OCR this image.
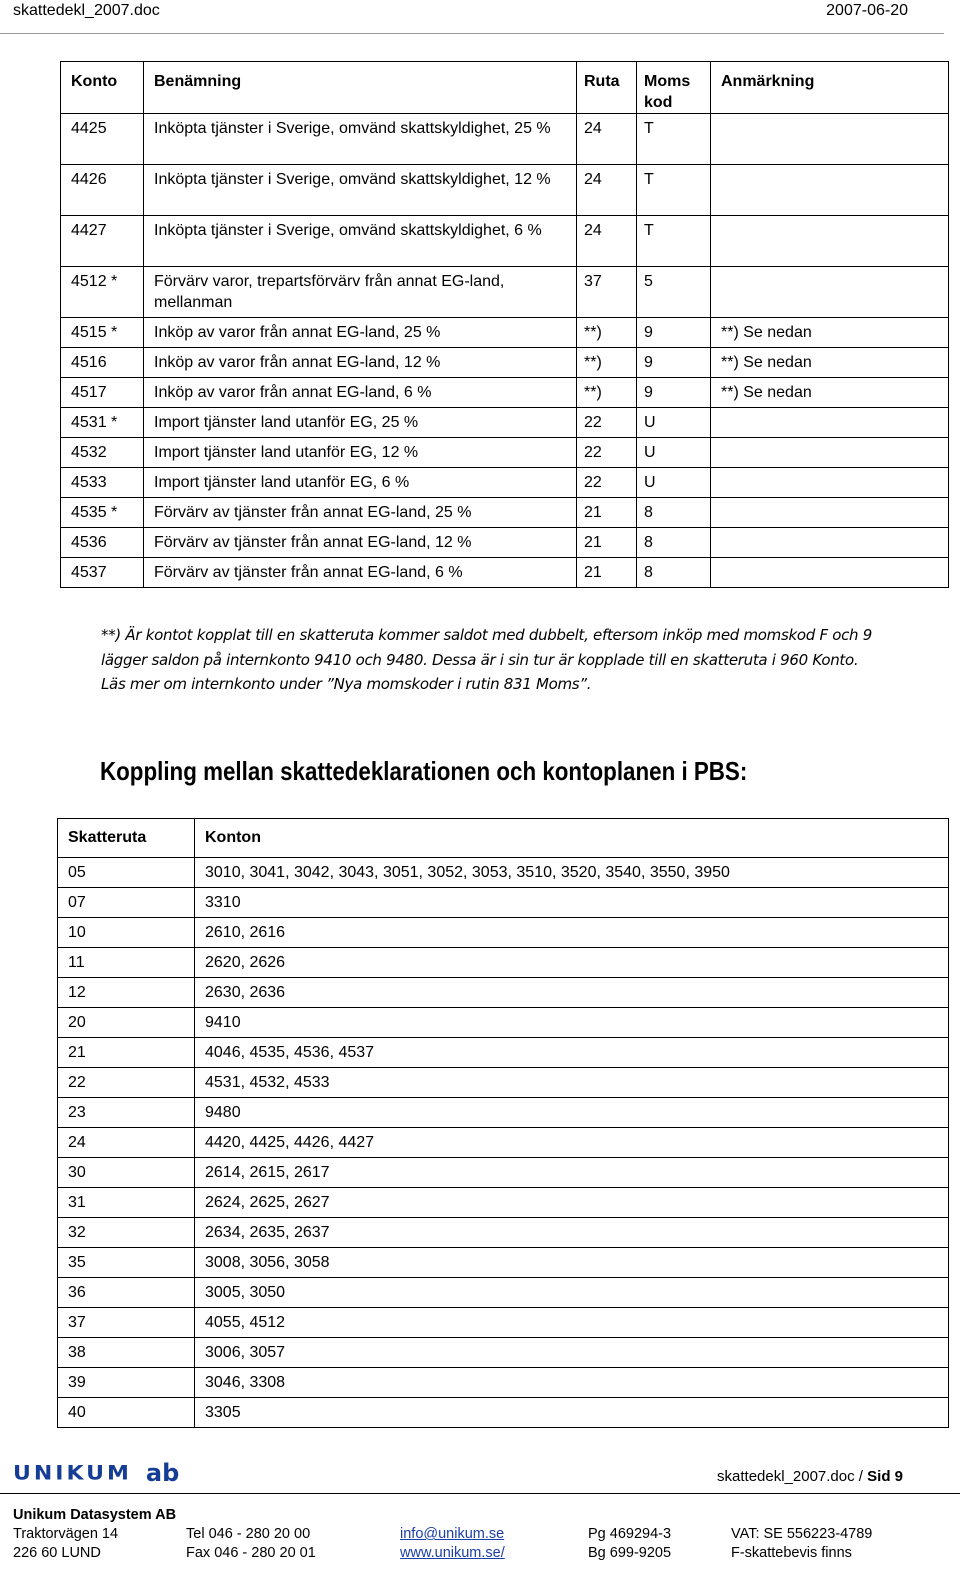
skattedekl_2007.doc	2007-06-20
Konto	Benämning	Ruta	Moms kod	Anmärkning
4425	Inköpta tjänster i Sverige, omvänd skattskyldighet, 25 %	24	T	
4426	Inköpta tjänster i Sverige, omvänd skattskyldighet, 12 %	24	T	
4427	Inköpta tjänster i Sverige, omvänd skattskyldighet, 6 %	24	T	
4512 *	Förvärv varor, trepartsförvärv från annat EG-land, mellanman	37	5	
4515 *	Inköp av varor från annat EG-land, 25 %	**)	9	**) Se nedan
4516	Inköp av varor från annat EG-land, 12 %	**)	9	**) Se nedan
4517	Inköp av varor från annat EG-land, 6 %	**)	9	**) Se nedan
4531 *	Import tjänster land utanför EG, 25 %	22	U	
4532	Import tjänster land utanför EG, 12 %	22	U	
4533	Import tjänster land utanför EG, 6 %	22	U	
4535 *	Förvärv av tjänster från annat EG-land, 25 %	21	8	
4536	Förvärv av tjänster från annat EG-land, 12 %	21	8	
4537	Förvärv av tjänster från annat EG-land, 6 %	21	8	
**) Är kontot kopplat till en skatteruta kommer saldot med dubbelt, eftersom inköp med momskod F och 9
lägger saldon på internkonto 9410 och 9480. Dessa är i sin tur är kopplade till en skatteruta i 960 Konto.
Läs mer om internkonto under ”Nya momskoder i rutin 831 Moms”.
Koppling mellan skattedeklarationen och kontoplanen i PBS:
Skatteruta	Konton
05	3010, 3041, 3042, 3043, 3051, 3052, 3053, 3510, 3520, 3540, 3550, 3950
07	3310
10	2610, 2616
11	2620, 2626
12	2630, 2636
20	9410
21	4046, 4535, 4536, 4537
22	4531, 4532, 4533
23	9480
24	4420, 4425, 4426, 4427
30	2614, 2615, 2617
31	2624, 2625, 2627
32	2634, 2635, 2637
35	3008, 3056, 3058
36	3005, 3050
37	4055, 4512
38	3006, 3057
39	3046, 3308
40	3305
UNIKUM ab	skattedekl_2007.doc / Sid 9
Unikum Datasystem AB
Traktorvägen 14
226 60 LUND
Tel 046 - 280 20 00
Fax 046 - 280 20 01
info@unikum.se
www.unikum.se/
Pg 469294-3
Bg 699-9205
VAT: SE 556223-4789
F-skattebevis finns
